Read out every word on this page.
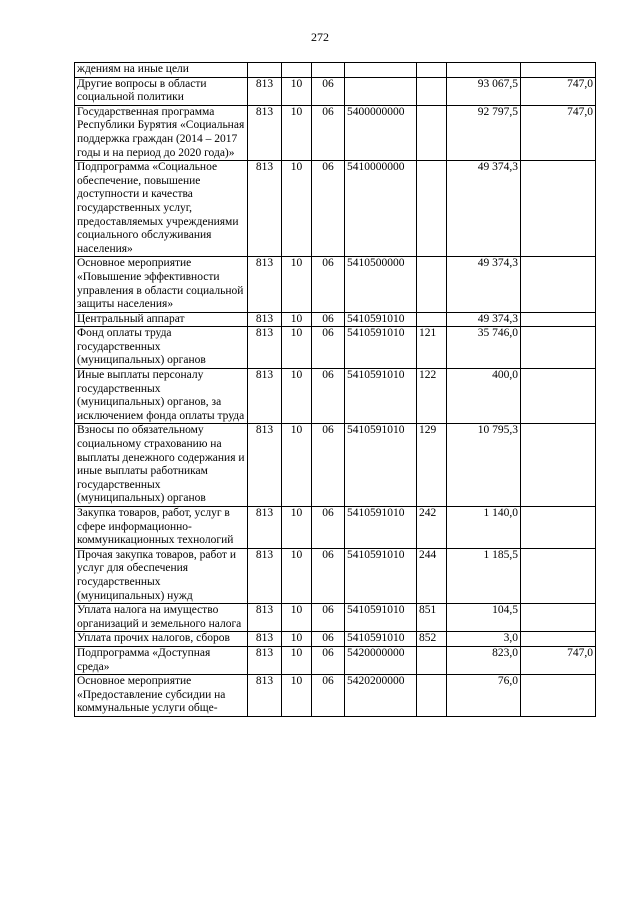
272
ждениям на иные цели							
Другие вопросы в области социальной политики	813	10	06			93 067,5	747,0
Государственная программа Республики Бурятия «Социальная поддержка граждан (2014 – 2017 годы и на период до 2020 года)»	813	10	06	5400000000		92 797,5	747,0
Подпрограмма «Социальное обеспечение, повышение доступности и качества государственных услуг, предоставляемых учреждениями социального обслуживания населения»	813	10	06	5410000000		49 374,3	
Основное мероприятие «Повышение эффективности управления в области социальной защиты населения»	813	10	06	5410500000		49 374,3	
Центральный аппарат	813	10	06	5410591010		49 374,3	
Фонд оплаты труда государственных (муниципальных) органов	813	10	06	5410591010	121	35 746,0	
Иные выплаты персоналу государственных (муниципальных) органов, за исключением фонда оплаты труда	813	10	06	5410591010	122	400,0	
Взносы по обязательному социальному страхованию на выплаты денежного содержания и иные выплаты работникам государственных (муниципальных) органов	813	10	06	5410591010	129	10 795,3	
Закупка товаров, работ, услуг в сфере информационно-коммуникационных технологий	813	10	06	5410591010	242	1 140,0	
Прочая закупка товаров, работ и услуг для обеспечения государственных (муниципальных) нужд	813	10	06	5410591010	244	1 185,5	
Уплата налога на имущество организаций и земельного налога	813	10	06	5410591010	851	104,5	
Уплата прочих налогов, сборов	813	10	06	5410591010	852	3,0	
Подпрограмма «Доступная среда»	813	10	06	5420000000		823,0	747,0
Основное мероприятие «Предоставление субсидии на коммунальные услуги обще-	813	10	06	5420200000		76,0	
